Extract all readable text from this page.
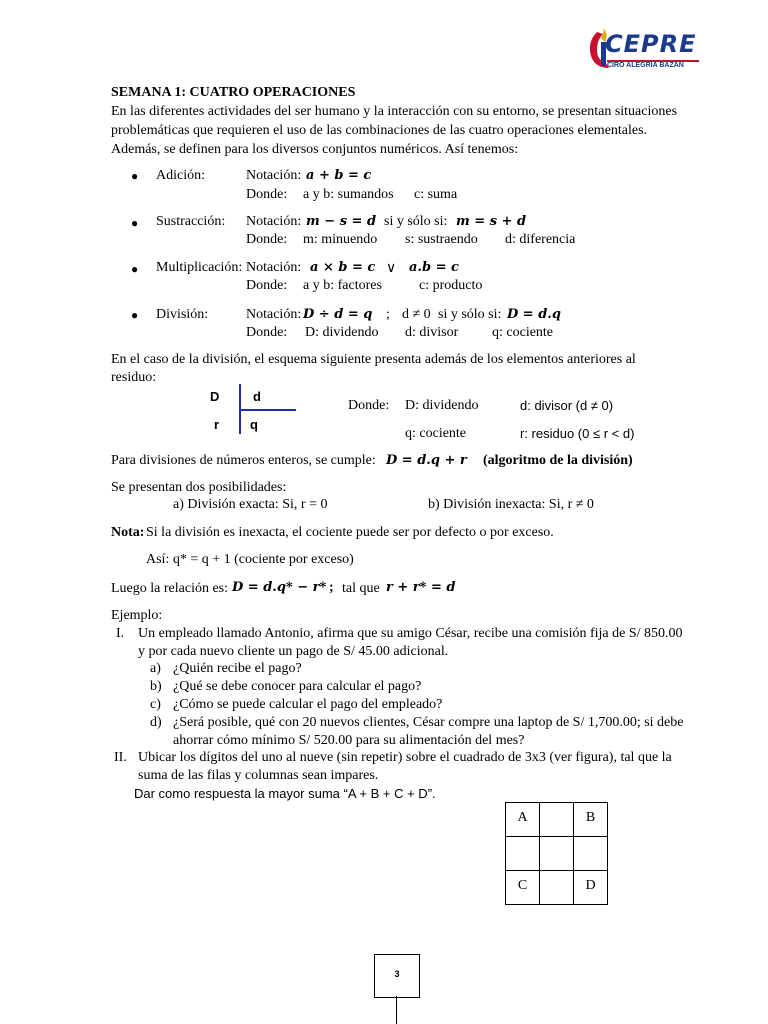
CEPRE
CIRO ALEGRÍA BAZÁN
SEMANA 1: CUATRO OPERACIONES
En las diferentes actividades del ser humano y la interacción con su entorno, se presentan situaciones
problemáticas que requieren el uso de las combinaciones de las cuatro operaciones elementales.
Además, se definen para los diversos conjuntos numéricos. Así tenemos:
● Adición:	Notación: a + b = c
Donde: a y b: sumandos c: suma
● Sustracción: Notación: m − s = d si y sólo si: m = s + d
Donde: m: minuendo s: sustraendo d: diferencia
● Multiplicación: Notación: a × b = c ∨ a.b = c
Donde: a y b: factores	c: producto
● División:	Notación: D ÷ d = q ; d ≠ 0 si y sólo si: D = d.q
Donde: D: dividendo d: divisor q: cociente
En el caso de la división, el esquema siguiente presenta además de los elementos anteriores al
residuo:
D	d
r q
Donde: D: dividendo	d: divisor (d ≠ 0)
q: cociente	r: residuo (0 ≤ r < d)
Para divisiones de números enteros, se cumple: D = d.q + r (algoritmo de la división)
Se presentan dos posibilidades:
a) División exacta: Si, r = 0	b) División inexacta: Si, r ≠ 0
Nota: Si la división es inexacta, el cociente puede ser por defecto o por exceso.
Así: q* = q + 1 (cociente por exceso)
Luego la relación es: D = d.q* − r* ; tal que r + r* = d
Ejemplo:
I. Un empleado llamado Antonio, afirma que su amigo César, recibe una comisión fija de S/ 850.00
y por cada nuevo cliente un pago de S/ 45.00 adicional.
a) ¿Quién recibe el pago?
b) ¿Qué se debe conocer para calcular el pago?
c) ¿Cómo se puede calcular el pago del empleado?
d) ¿Será posible, qué con 20 nuevos clientes, César compre una laptop de S/ 1,700.00; si debe
ahorrar cómo mínimo S/ 520.00 para su alimentación del mes?
II. Ubicar los dígitos del uno al nueve (sin repetir) sobre el cuadrado de 3x3 (ver figura), tal que la
suma de las filas y columnas sean impares.
Dar como respuesta la mayor suma “A + B + C + D”.
A		B

C		D
3
